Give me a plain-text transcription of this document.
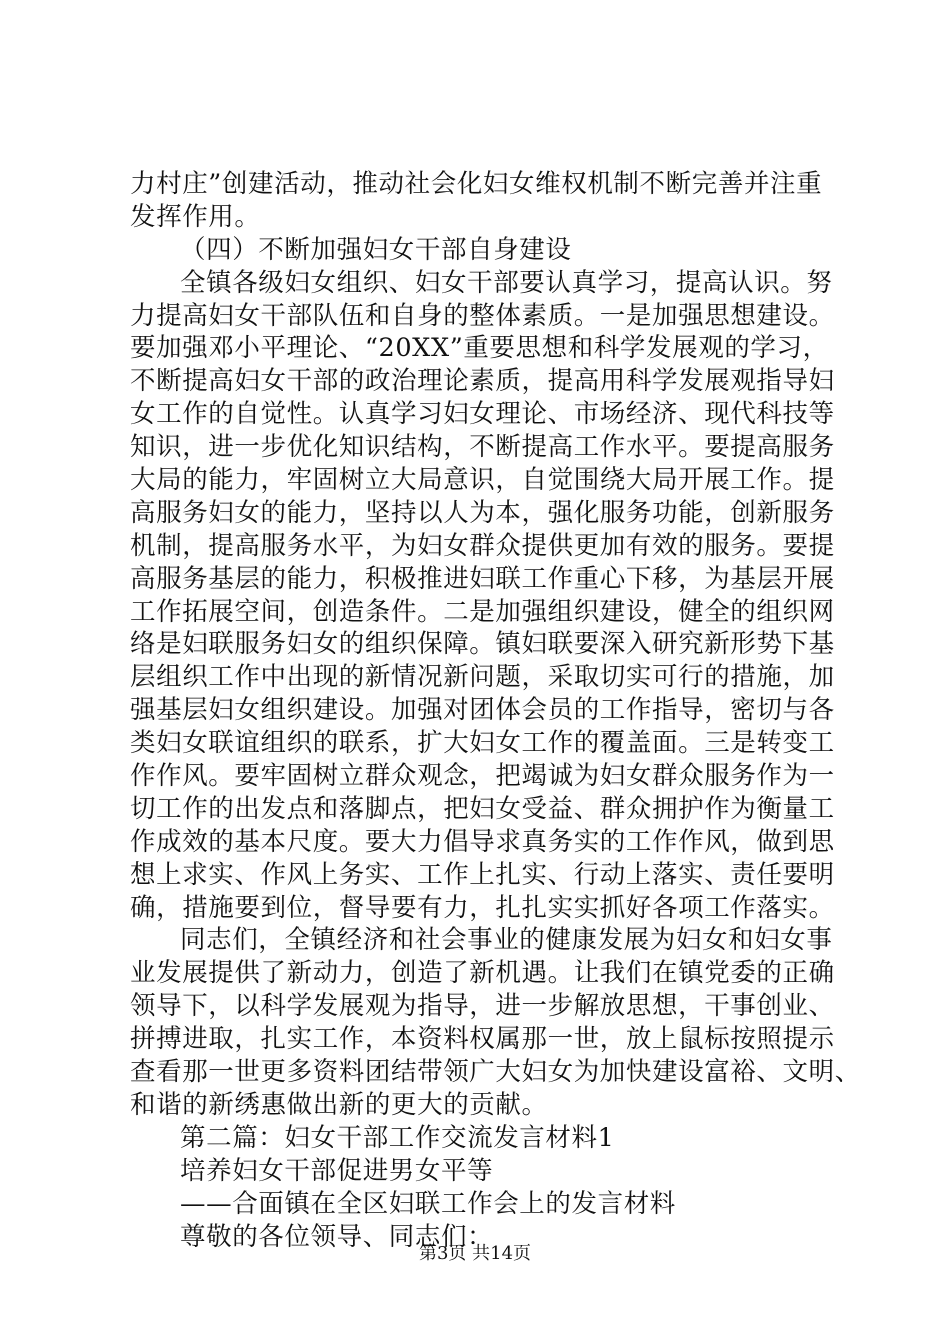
力村庄”创建活动，推动社会化妇女维权机制不断完善并注重
发挥作用。
（四）不断加强妇女干部自身建设
全镇各级妇女组织、妇女干部要认真学习，提高认识。努
力提高妇女干部队伍和自身的整体素质。一是加强思想建设。
要加强邓小平理论、“20XX”重要思想和科学发展观的学习，
不断提高妇女干部的政治理论素质，提高用科学发展观指导妇
女工作的自觉性。认真学习妇女理论、市场经济、现代科技等
知识，进一步优化知识结构，不断提高工作水平。要提高服务
大局的能力，牢固树立大局意识，自觉围绕大局开展工作。提
高服务妇女的能力，坚持以人为本，强化服务功能，创新服务
机制，提高服务水平，为妇女群众提供更加有效的服务。要提
高服务基层的能力，积极推进妇联工作重心下移，为基层开展
工作拓展空间，创造条件。二是加强组织建设，健全的组织网
络是妇联服务妇女的组织保障。镇妇联要深入研究新形势下基
层组织工作中出现的新情况新问题，采取切实可行的措施，加
强基层妇女组织建设。加强对团体会员的工作指导，密切与各
类妇女联谊组织的联系，扩大妇女工作的覆盖面。三是转变工
作作风。要牢固树立群众观念，把竭诚为妇女群众服务作为一
切工作的出发点和落脚点，把妇女受益、群众拥护作为衡量工
作成效的基本尺度。要大力倡导求真务实的工作作风，做到思
想上求实、作风上务实、工作上扎实、行动上落实、责任要明
确，措施要到位，督导要有力，扎扎实实抓好各项工作落实。
同志们，全镇经济和社会事业的健康发展为妇女和妇女事
业发展提供了新动力，创造了新机遇。让我们在镇党委的正确
领导下，以科学发展观为指导，进一步解放思想，干事创业、
拼搏进取，扎实工作，本资料权属那一世，放上鼠标按照提示
查看那一世更多资料团结带领广大妇女为加快建设富裕、文明、
和谐的新绣惠做出新的更大的贡献。
第二篇：妇女干部工作交流发言材料1
培养妇女干部促进男女平等
——合面镇在全区妇联工作会上的发言材料
尊敬的各位领导、同志们：
第3页 共14页
